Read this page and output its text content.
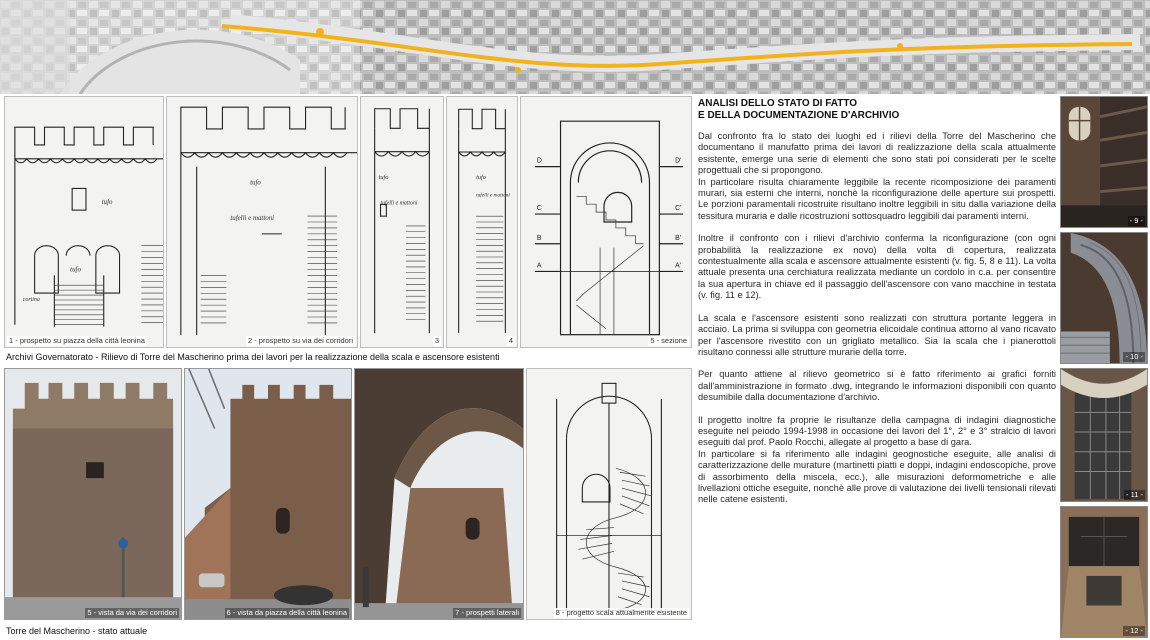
tufo
tufo
cortina
1 - prospetto su piazza della città leonina
tufo
tufelli e mattoni
2 - prospetto su via dei corridori
tufo
tufelli e mattoni
3
tufo
tufelli e mattoni
4
D
C
B
A
D'
C'
B'
A'
5 - sezione
Archivi Governatorato - Rilievo di Torre del Mascherino prima dei lavori per la realizzazione della scala e ascensore esistenti
5 - vista da via dei corridori	6 - vista da piazza della città leonina	7 - prospetti laterali	8 - progetto scala attualmente esistente
Torre del Mascherino - stato attuale
ANALISI DELLO STATO DI FATTO
E DELLA DOCUMENTAZIONE D'ARCHIVIO

Dal confronto fra lo stato dei luoghi ed i rilievi della Torre del Mascherino che documentano il manufatto prima dei lavori di realizzazione della scala attualmente esistente, emerge una serie di elementi che sono stati poi considerati per le scelte progettuali che si propongono.

In particolare risulta chiaramente leggibile la recente ricomposizione dei paramenti murari, sia esterni che interni, nonchè la riconfigurazione delle aperture sui prospetti. Le porzioni paramentali ricostruite risultano inoltre leggibili in situ dalla variazione della tessitura muraria e dalle ricostruzioni sottosquadro leggibili dai paramenti interni.

Inoltre il confronto con i rilievi d'archivio conferma la riconfigurazione (con ogni probabilità la realizzazione ex novo) della volta di copertura, realizzata contestualmente alla scala e ascensore attualmente esistenti (v. fig. 5, 8 e 11). La volta attuale presenta una cerchiatura realizzata mediante un cordolo in c.a. per consentire la sua apertura in chiave ed il passaggio dell'ascensore con vano macchine in testata (v. fig. 11 e 12).

La scala e l'ascensore esistenti sono realizzati con struttura portante leggera in acciaio. La prima si sviluppa con geometria elicoidale continua attorno al vano ricavato per l'ascensore rivestito con un grigliato metallico. Sia la scala che i pianerottoli risultano connessi alle strutture murarie della torre.

Per quanto attiene al rilievo geometrico si è fatto riferimento ai grafici forniti dall'amministrazione in formato .dwg, integrando le informazioni disponibili con quanto desumibile dalla documentazione d'archivio.

Il progetto inoltre fa proprie le risultanze della campagna di indagini diagnostiche eseguite nel peiodo 1994-1998 in occasione dei lavori del 1°, 2° e 3° stralcio di lavori eseguiti dal prof. Paolo Rocchi, allegate al progetto a base di gara.

In particolare si fa riferimento alle indagini geognostiche eseguite, alle analisi di caratterizzazione delle murature (martinetti piatti e doppi, indagini endoscopiche, prove di assorbimento della miscela, ecc.), alle misurazioni deformometriche e alle livellazioni ottiche eseguite, nonchè alle prove di valutazione dei livelli tensionali rilevati nelle catene esistenti.

- 9 -
- 10 -
- 11 -
- 12 -
